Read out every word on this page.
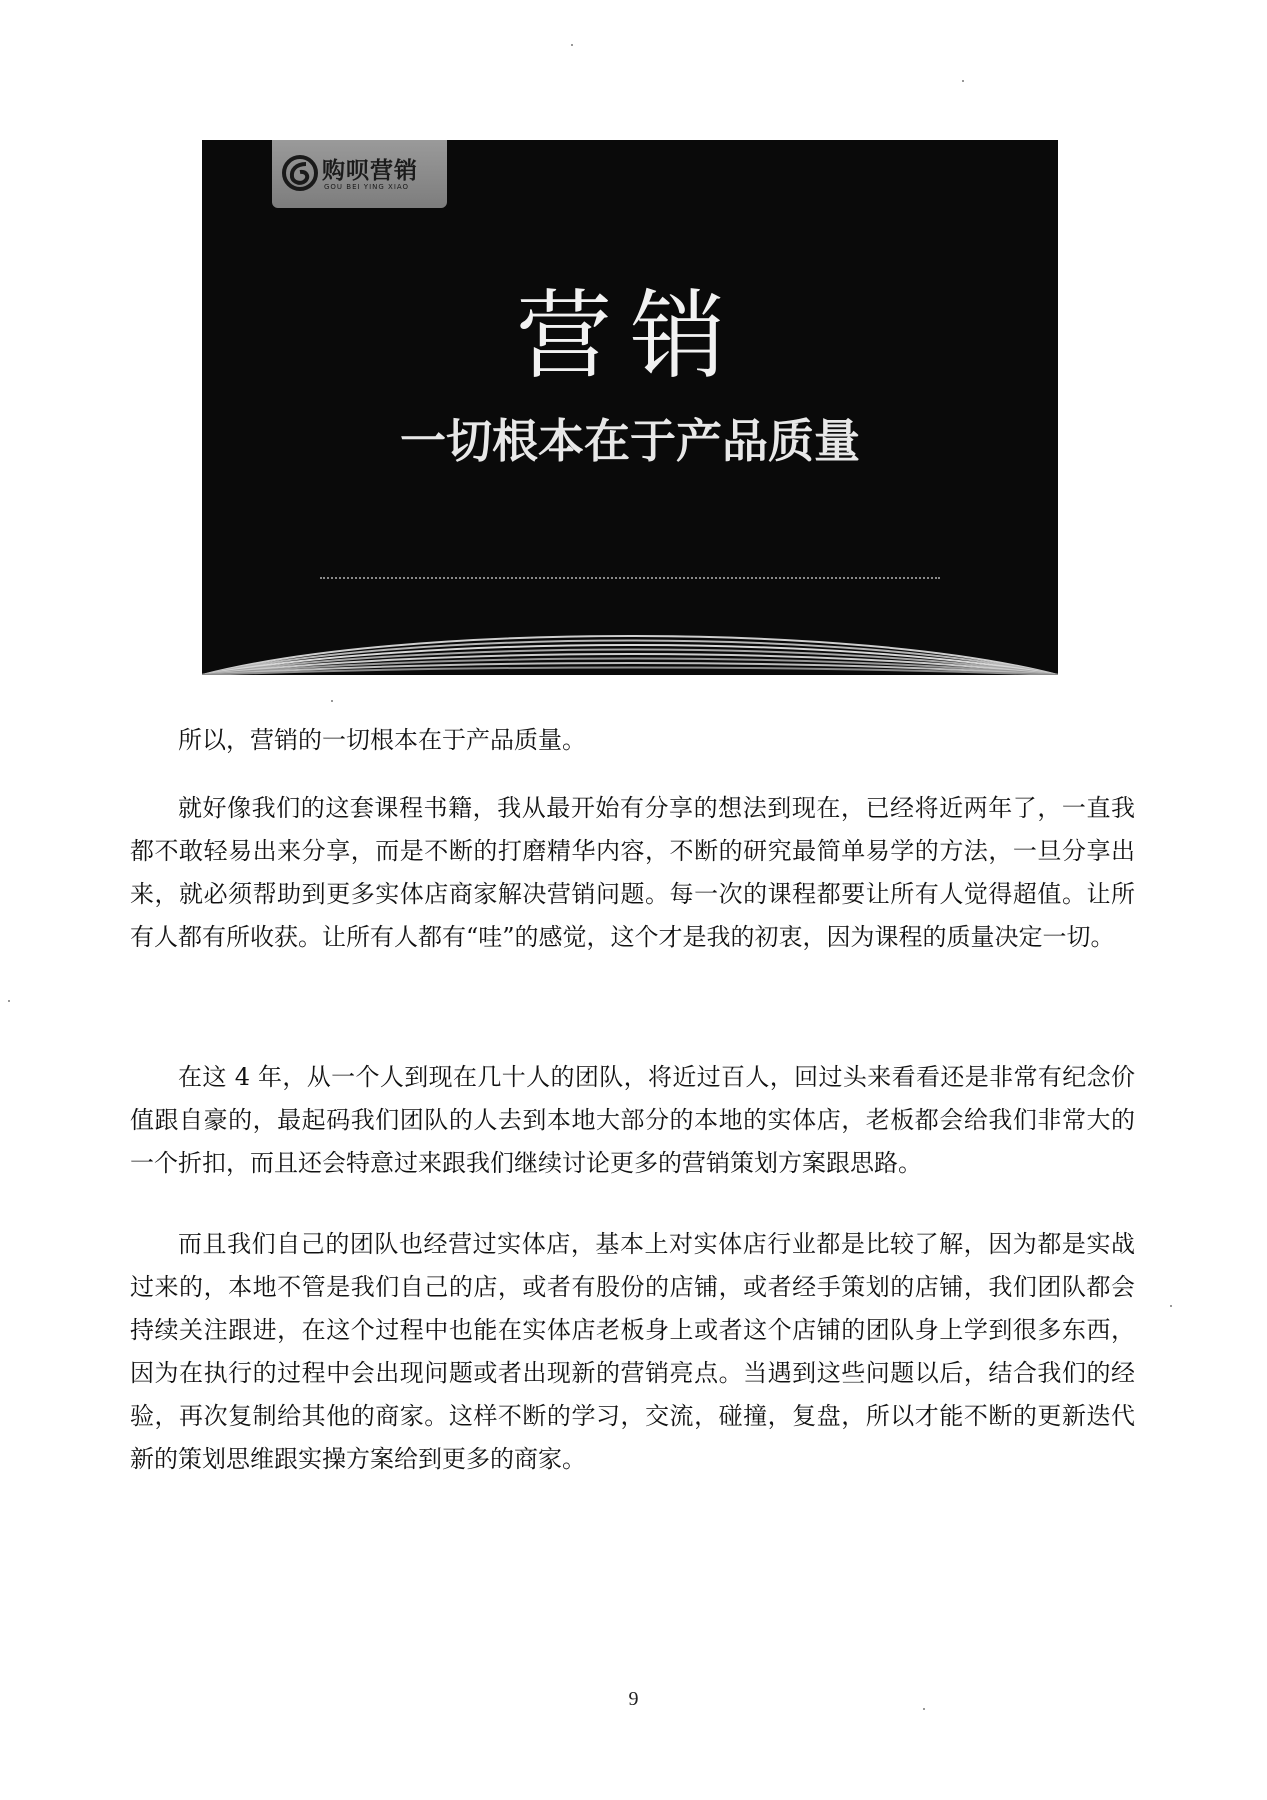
购呗营销
GOU BEI YING XIAO
营销
一切根本在于产品质量

所以，营销的一切根本在于产品质量。

就好像我们的这套课程书籍，我从最开始有分享的想法到现在，已经将近两年了，一直我都不敢轻易出来分享，而是不断的打磨精华内容，不断的研究最简单易学的方法，一旦分享出来，就必须帮助到更多实体店商家解决营销问题。每一次的课程都要让所有人觉得超值。让所有人都有所收获。让所有人都有“哇”的感觉，这个才是我的初衷，因为课程的质量决定一切。

在这 4 年，从一个人到现在几十人的团队，将近过百人，回过头来看看还是非常有纪念价值跟自豪的，最起码我们团队的人去到本地大部分的本地的实体店，老板都会给我们非常大的一个折扣，而且还会特意过来跟我们继续讨论更多的营销策划方案跟思路。

而且我们自己的团队也经营过实体店，基本上对实体店行业都是比较了解，因为都是实战过来的，本地不管是我们自己的店，或者有股份的店铺，或者经手策划的店铺，我们团队都会持续关注跟进，在这个过程中也能在实体店老板身上或者这个店铺的团队身上学到很多东西，因为在执行的过程中会出现问题或者出现新的营销亮点。当遇到这些问题以后，结合我们的经验，再次复制给其他的商家。这样不断的学习，交流，碰撞，复盘，所以才能不断的更新迭代新的策划思维跟实操方案给到更多的商家。

9
